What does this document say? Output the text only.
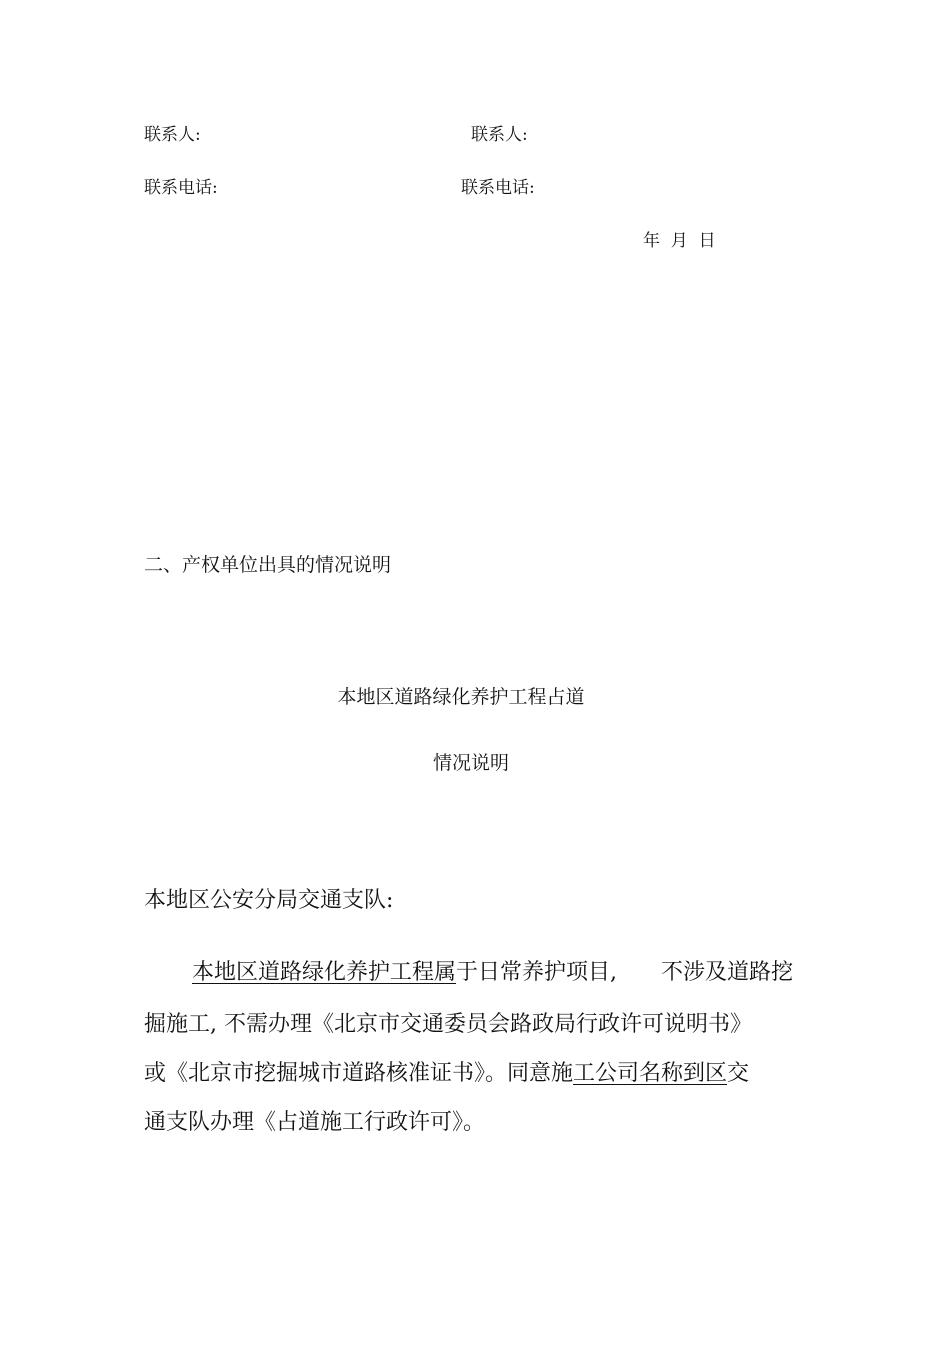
联系人:	联系人:
联系电话:	联系电话:
年  月  日
二、产权单位出具的情况说明
本地区道路绿化养护工程占道
情况说明
本地区公安分局交通支队:
本地区道路绿化养护工程属于日常养护项目, 不涉及道路挖
掘施工, 不需办理《北京市交通委员会路政局行政许可说明书》
或《北京市挖掘城市道路核准证书》。同意施工公司名称到区交
通支队办理《占道施工行政许可》。
